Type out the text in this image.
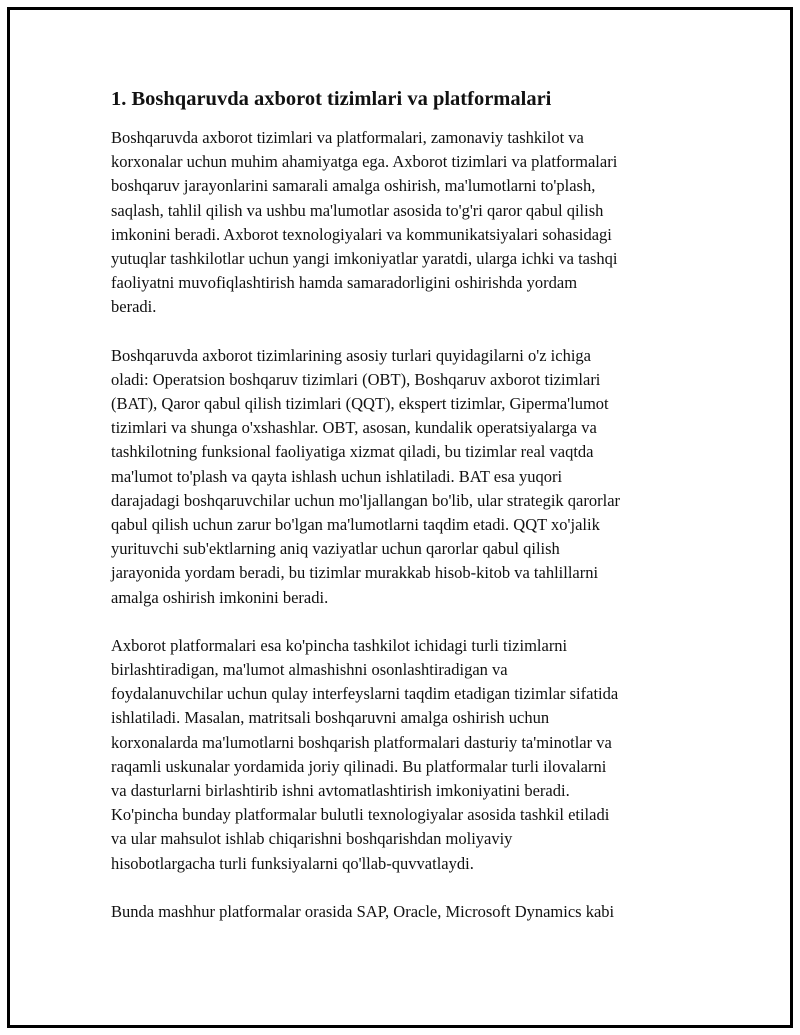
1. Boshqaruvda axborot tizimlari va platformalari
Boshqaruvda axborot tizimlari va platformalari, zamonaviy tashkilot va
korxonalar uchun muhim ahamiyatga ega. Axborot tizimlari va platformalari
boshqaruv jarayonlarini samarali amalga oshirish, ma'lumotlarni to'plash,
saqlash, tahlil qilish va ushbu ma'lumotlar asosida to'g'ri qaror qabul qilish
imkonini beradi. Axborot texnologiyalari va kommunikatsiyalari sohasidagi
yutuqlar tashkilotlar uchun yangi imkoniyatlar yaratdi, ularga ichki va tashqi
faoliyatni muvofiqlashtirish hamda samaradorligini oshirishda yordam
beradi.
Boshqaruvda axborot tizimlarining asosiy turlari quyidagilarni o'z ichiga
oladi: Operatsion boshqaruv tizimlari (OBT), Boshqaruv axborot tizimlari
(BAT), Qaror qabul qilish tizimlari (QQT), ekspert tizimlar, Giperma'lumot
tizimlari va shunga o'xshashlar. OBT, asosan, kundalik operatsiyalarga va
tashkilotning funksional faoliyatiga xizmat qiladi, bu tizimlar real vaqtda
ma'lumot to'plash va qayta ishlash uchun ishlatiladi. BAT esa yuqori
darajadagi boshqaruvchilar uchun mo'ljallangan bo'lib, ular strategik qarorlar
qabul qilish uchun zarur bo'lgan ma'lumotlarni taqdim etadi. QQT xo'jalik
yurituvchi sub'ektlarning aniq vaziyatlar uchun qarorlar qabul qilish
jarayonida yordam beradi, bu tizimlar murakkab hisob-kitob va tahlillarni
amalga oshirish imkonini beradi.
Axborot platformalari esa ko'pincha tashkilot ichidagi turli tizimlarni
birlashtiradigan, ma'lumot almashishni osonlashtiradigan va
foydalanuvchilar uchun qulay interfeyslarni taqdim etadigan tizimlar sifatida
ishlatiladi. Masalan, matritsali boshqaruvni amalga oshirish uchun
korxonalarda ma'lumotlarni boshqarish platformalari dasturiy ta'minotlar va
raqamli uskunalar yordamida joriy qilinadi. Bu platformalar turli ilovalarni
va dasturlarni birlashtirib ishni avtomatlashtirish imkoniyatini beradi.
Ko'pincha bunday platformalar bulutli texnologiyalar asosida tashkil etiladi
va ular mahsulot ishlab chiqarishni boshqarishdan moliyaviy
hisobotlargacha turli funksiyalarni qo'llab-quvvatlaydi.
Bunda mashhur platformalar orasida SAP, Oracle, Microsoft Dynamics kabi
